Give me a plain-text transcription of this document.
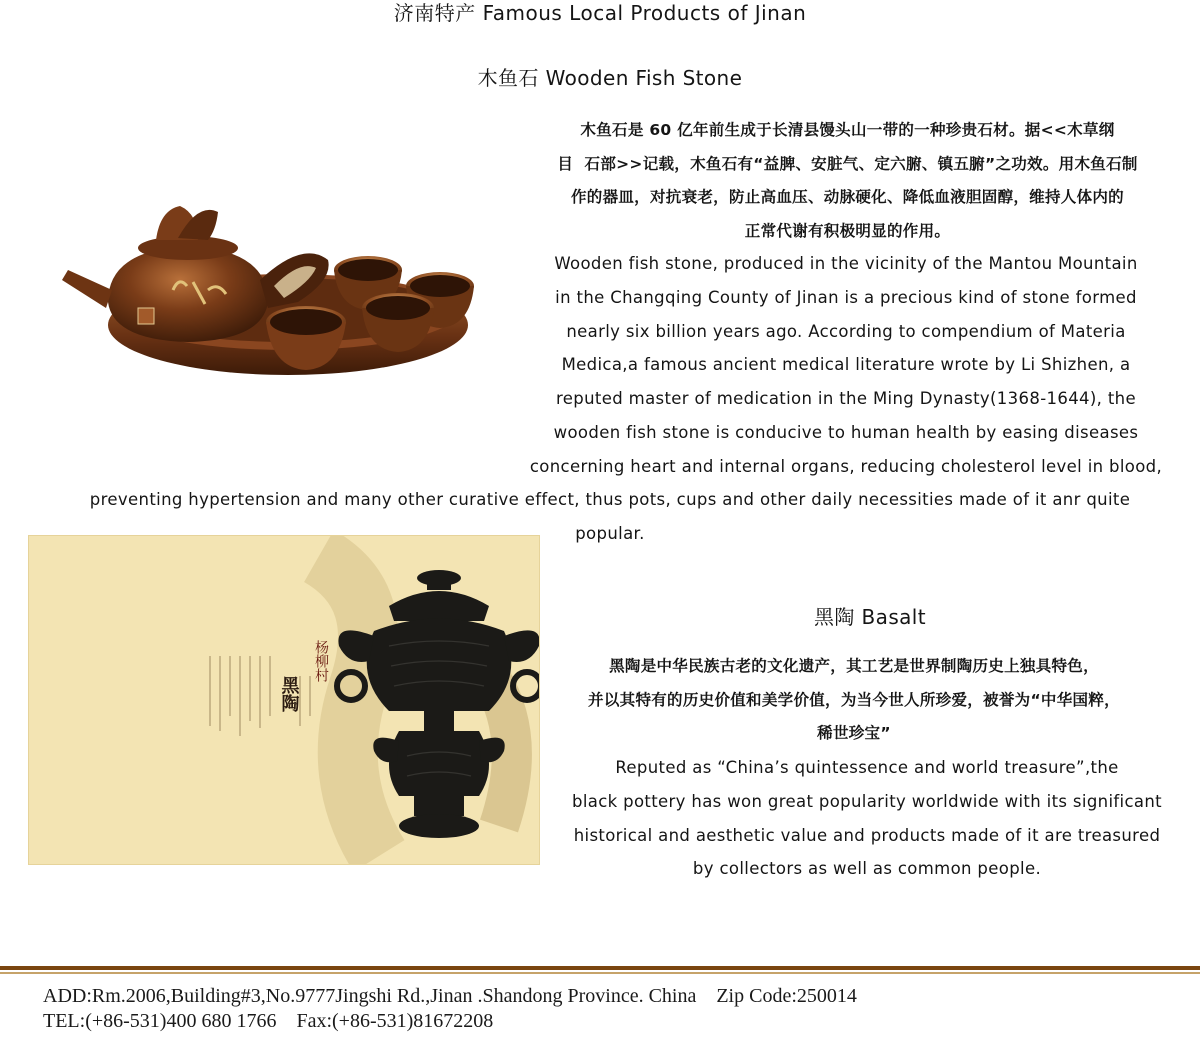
济南特产 Famous Local Products of Jinan
木鱼石 Wooden Fish Stone
木鱼石是 60 亿年前生成于长清县馒头山一带的一种珍贵石材。据<<木草纲
目  石部>>记载，木鱼石有“益脾、安脏气、定六腑、镇五腑”之功效。用木鱼石制
作的器皿，对抗衰老，防止高血压、动脉硬化、降低血液胆固醇，维持人体内的
正常代谢有积极明显的作用。
Wooden fish stone, produced in the vicinity of the Mantou Mountain
in the Changqing County of Jinan is a precious kind of stone formed
nearly six billion years ago. According to compendium of Materia
Medica,a famous ancient medical literature wrote by Li Shizhen, a
reputed master of medication in the Ming Dynasty(1368-1644), the
wooden fish stone is conducive to human health by easing diseases
concerning heart and internal organs, reducing cholesterol level in blood,
preventing hypertension and many other curative effect, thus pots, cups and other daily necessities made of it anr quite
popular.
黑陶
杨柳村
黑陶 Basalt
黑陶是中华民族古老的文化遗产，其工艺是世界制陶历史上独具特色，
并以其特有的历史价值和美学价值，为当今世人所珍爱，被誉为“中华国粹，
稀世珍宝”
Reputed as “China’s quintessence and world treasure”,the
black pottery has won great popularity worldwide with its significant
historical and aesthetic value and products made of it are treasured
by collectors as well as common people.
ADD:Rm.2006,Building#3,No.9777Jingshi Rd.,Jinan .Shandong Province. China    Zip Code:250014
TEL:(+86-531)400 680 1766    Fax:(+86-531)81672208
